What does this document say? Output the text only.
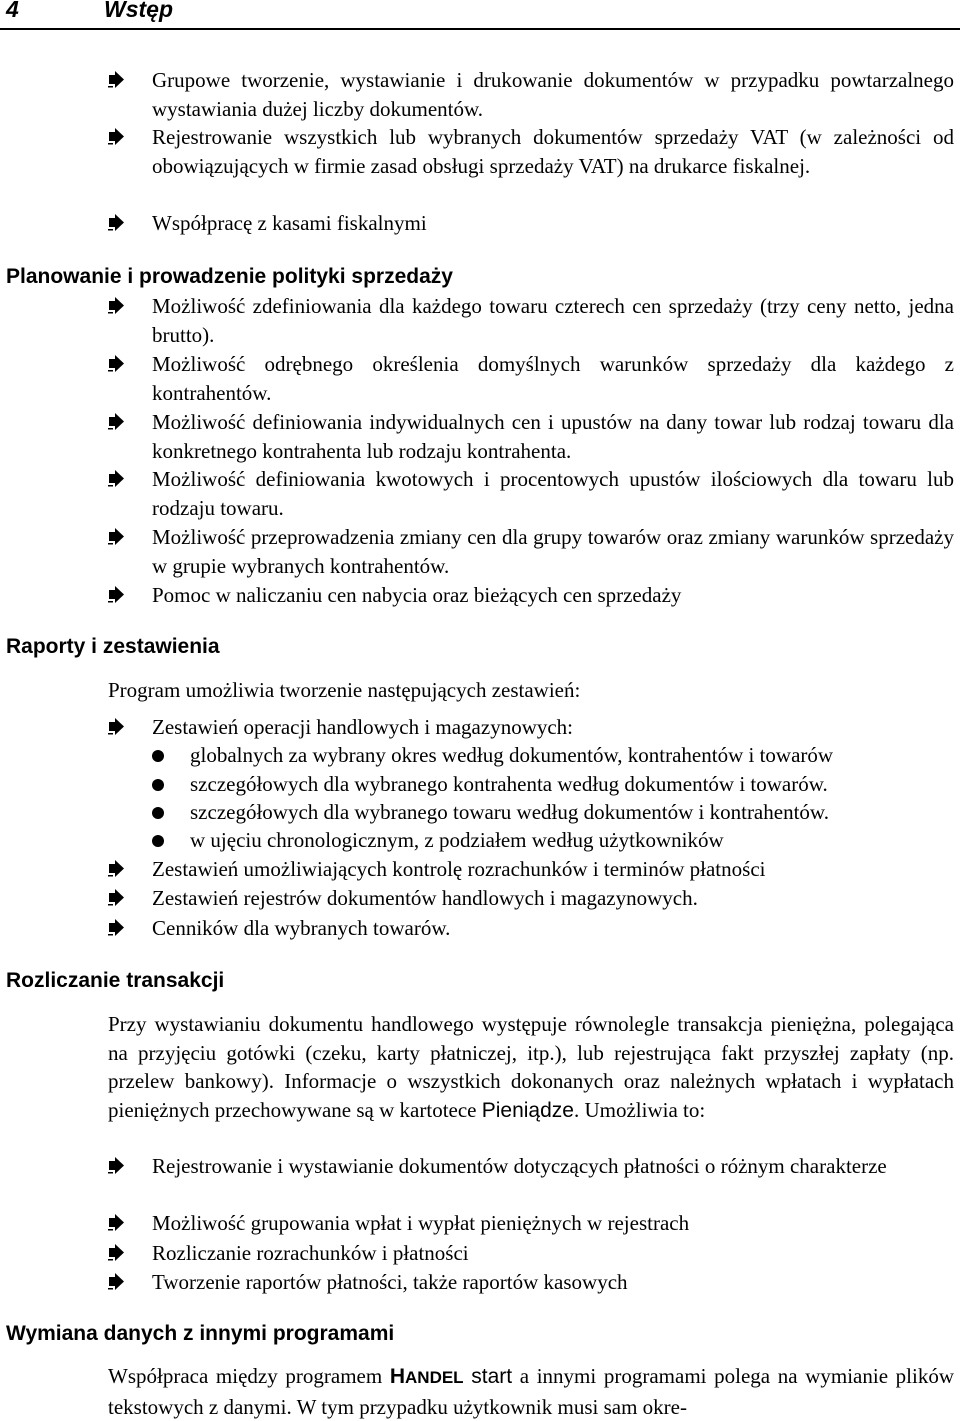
4	Wstęp
Grupowe tworzenie, wystawianie i drukowanie dokumentów w przypadku powtarzalnego wystawiania dużej liczby dokumentów.
Rejestrowanie wszystkich lub wybranych dokumentów sprzedaży VAT (w zależności od obowiązujących w firmie zasad obsługi sprzedaży VAT) na drukarce fiskalnej.
Współpracę z kasami fiskalnymi
Planowanie i prowadzenie polityki sprzedaży
Możliwość zdefiniowania dla każdego towaru czterech cen sprzedaży (trzy ceny netto, jedna brutto).
Możliwość odrębnego określenia domyślnych warunków sprzedaży dla każdego z kontrahentów.
Możliwość definiowania indywidualnych cen i upustów na dany towar lub rodzaj towaru dla konkretnego kontrahenta lub rodzaju kontrahenta.
Możliwość definiowania kwotowych i procentowych upustów ilościowych dla towaru lub rodzaju towaru.
Możliwość przeprowadzenia zmiany cen dla grupy towarów oraz zmiany warunków sprzedaży w grupie wybranych kontrahentów.
Pomoc w naliczaniu cen nabycia oraz bieżących cen sprzedaży
Raporty i zestawienia
Program umożliwia tworzenie następujących zestawień:
Zestawień operacji handlowych i magazynowych:
globalnych za wybrany okres według dokumentów, kontrahentów i towarów
szczegółowych dla wybranego kontrahenta według dokumentów i towarów.
szczegółowych dla wybranego towaru według dokumentów i kontrahentów.
w ujęciu chronologicznym, z podziałem według użytkowników
Zestawień umożliwiających kontrolę rozrachunków i terminów płatności
Zestawień rejestrów dokumentów handlowych i magazynowych.
Cenników dla wybranych towarów.
Rozliczanie transakcji
Przy wystawianiu dokumentu handlowego występuje równolegle transakcja pieniężna, polegająca na przyjęciu gotówki (czeku, karty płatniczej, itp.), lub rejestrująca fakt przyszłej zapłaty (np. przelew bankowy). Informacje o wszystkich dokonanych oraz należnych wpłatach i wypłatach pieniężnych przechowywane są w kartotece Pieniądze. Umożliwia to:
Rejestrowanie i wystawianie dokumentów dotyczących płatności o różnym charakterze
Możliwość grupowania wpłat i wypłat pieniężnych w rejestrach
Rozliczanie rozrachunków i płatności
Tworzenie raportów płatności, także raportów kasowych
Wymiana danych z innymi programami
Współpraca między programem HANDEL start a innymi programami polega na wymianie plików tekstowych z danymi. W tym przypadku użytkownik musi sam okre-
